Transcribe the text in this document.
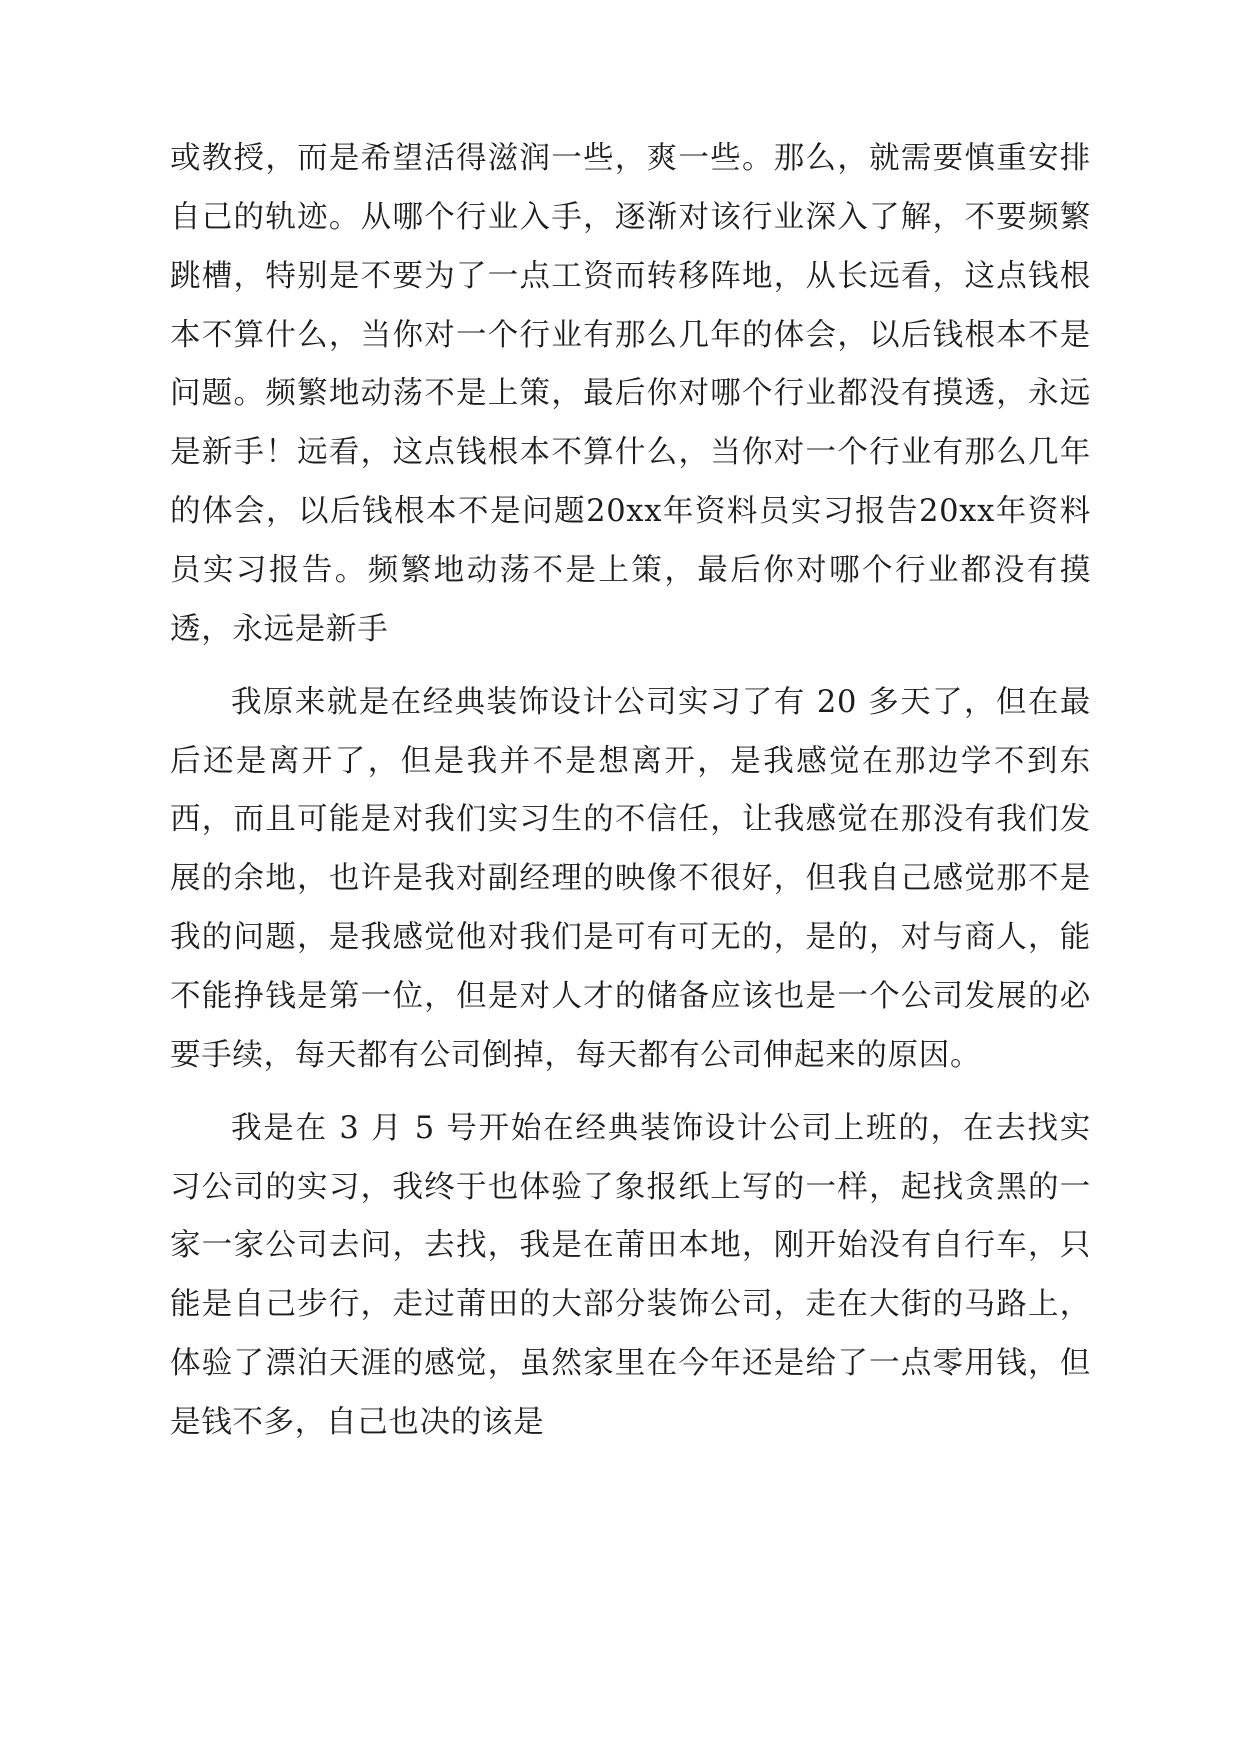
或教授，而是希望活得滋润一些，爽一些。那么，就需要慎重安排自己的轨迹。从哪个行业入手，逐渐对该行业深入了解，不要频繁跳槽，特别是不要为了一点工资而转移阵地，从长远看，这点钱根本不算什么，当你对一个行业有那么几年的体会，以后钱根本不是问题。频繁地动荡不是上策，最后你对哪个行业都没有摸透，永远是新手！远看，这点钱根本不算什么，当你对一个行业有那么几年的体会，以后钱根本不是问题20xx年资料员实习报告20xx年资料员实习报告。频繁地动荡不是上策，最后你对哪个行业都没有摸透，永远是新手

我原来就是在经典装饰设计公司实习了有 20 多天了，但在最后还是离开了，但是我并不是想离开，是我感觉在那边学不到东西，而且可能是对我们实习生的不信任，让我感觉在那没有我们发展的余地，也许是我对副经理的映像不很好，但我自己感觉那不是我的问题，是我感觉他对我们是可有可无的，是的，对与商人，能不能挣钱是第一位，但是对人才的储备应该也是一个公司发展的必要手续，每天都有公司倒掉，每天都有公司伸起来的原因。

我是在 3 月 5 号开始在经典装饰设计公司上班的，在去找实习公司的实习，我终于也体验了象报纸上写的一样，起找贪黑的一家一家公司去问，去找，我是在莆田本地，刚开始没有自行车，只能是自己步行，走过莆田的大部分装饰公司，走在大街的马路上，体验了漂泊天涯的感觉，虽然家里在今年还是给了一点零用钱，但是钱不多，自己也决的该是
